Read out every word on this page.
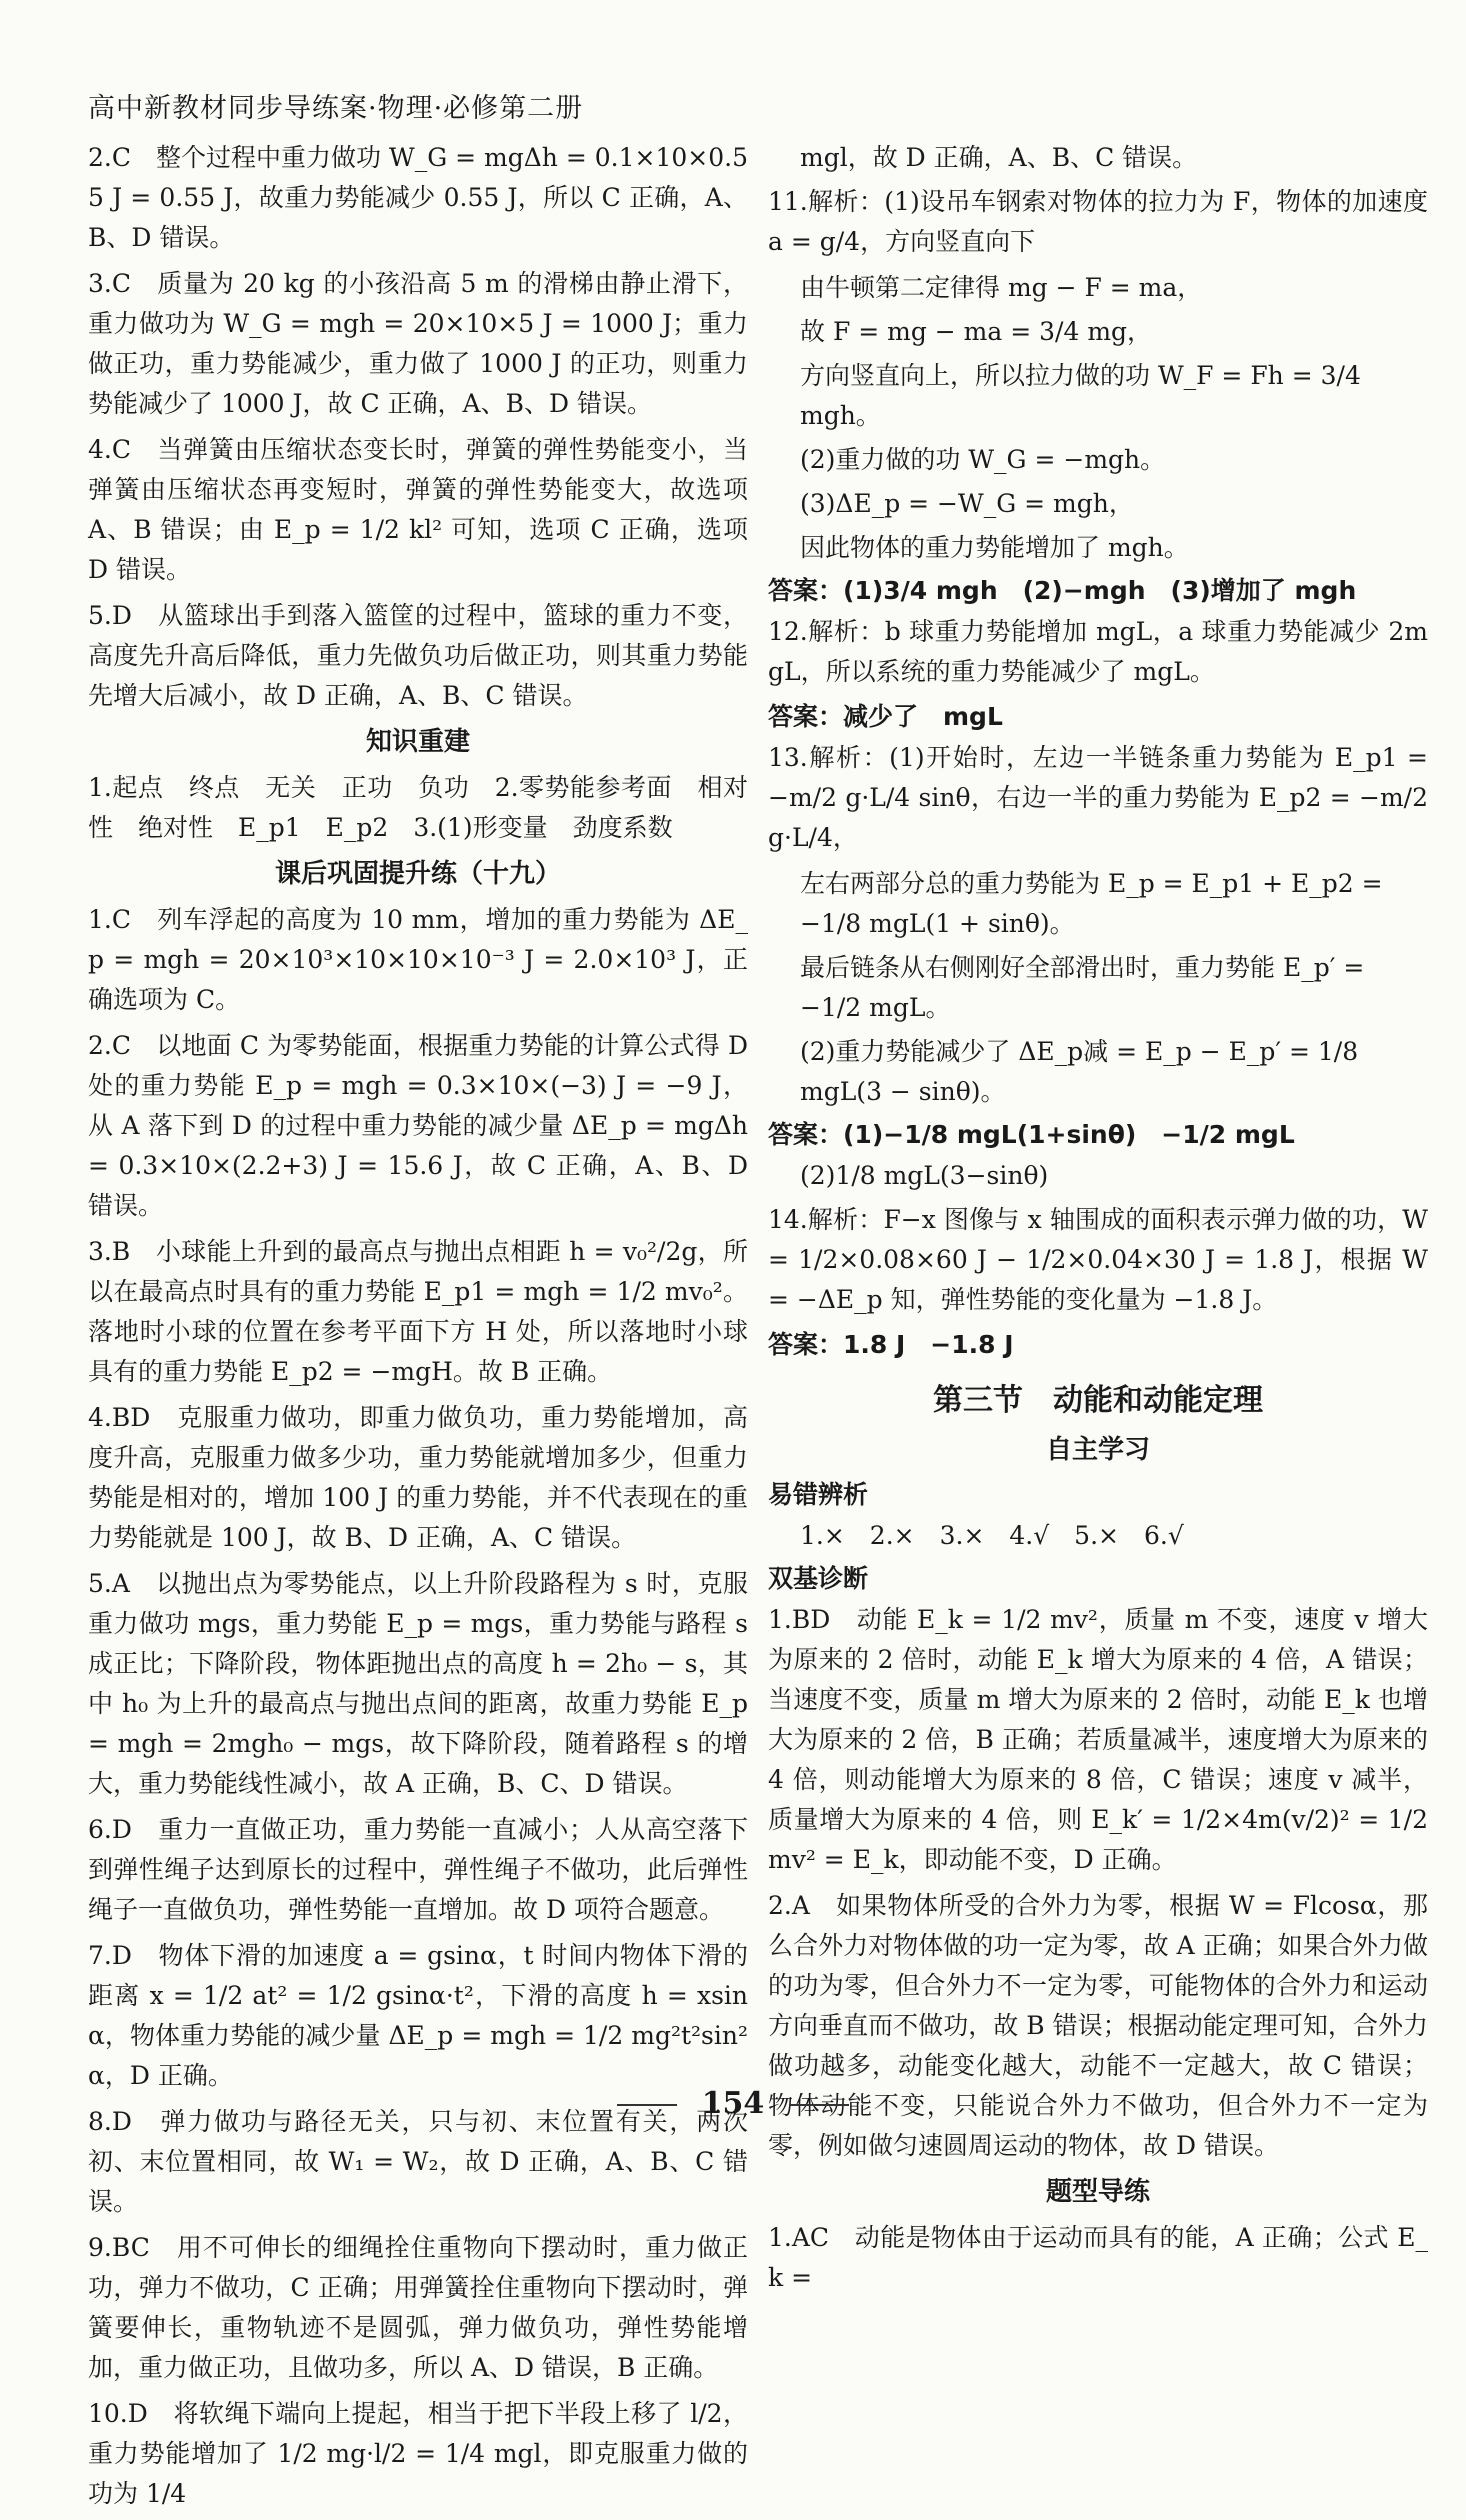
高中新教材同步导练案·物理·必修第二册
2.C　整个过程中重力做功 W_G = mgΔh = 0.1×10×0.55 J = 0.55 J，故重力势能减少 0.55 J，所以 C 正确，A、B、D 错误。
3.C　质量为 20 kg 的小孩沿高 5 m 的滑梯由静止滑下，重力做功为 W_G = mgh = 20×10×5 J = 1000 J；重力做正功，重力势能减少，重力做了 1000 J 的正功，则重力势能减少了 1000 J，故 C 正确，A、B、D 错误。
4.C　当弹簧由压缩状态变长时，弹簧的弹性势能变小，当弹簧由压缩状态再变短时，弹簧的弹性势能变大，故选项 A、B 错误；由 E_p = 1/2 kl² 可知，选项 C 正确，选项 D 错误。
5.D　从篮球出手到落入篮筐的过程中，篮球的重力不变，高度先升高后降低，重力先做负功后做正功，则其重力势能先增大后减小，故 D 正确，A、B、C 错误。
知识重建
1.起点　终点　无关　正功　负功　2.零势能参考面　相对性　绝对性　E_p1　E_p2　3.(1)形变量　劲度系数
课后巩固提升练（十九）
1.C　列车浮起的高度为 10 mm，增加的重力势能为 ΔE_p = mgh = 20×10³×10×10×10⁻³ J = 2.0×10³ J，正确选项为 C。
2.C　以地面 C 为零势能面，根据重力势能的计算公式得 D 处的重力势能 E_p = mgh = 0.3×10×(−3) J = −9 J，从 A 落下到 D 的过程中重力势能的减少量 ΔE_p = mgΔh = 0.3×10×(2.2+3) J = 15.6 J，故 C 正确，A、B、D 错误。
3.B　小球能上升到的最高点与抛出点相距 h = v₀²/2g，所以在最高点时具有的重力势能 E_p1 = mgh = 1/2 mv₀²。落地时小球的位置在参考平面下方 H 处，所以落地时小球具有的重力势能 E_p2 = −mgH。故 B 正确。
4.BD　克服重力做功，即重力做负功，重力势能增加，高度升高，克服重力做多少功，重力势能就增加多少，但重力势能是相对的，增加 100 J 的重力势能，并不代表现在的重力势能就是 100 J，故 B、D 正确，A、C 错误。
5.A　以抛出点为零势能点，以上升阶段路程为 s 时，克服重力做功 mgs，重力势能 E_p = mgs，重力势能与路程 s 成正比；下降阶段，物体距抛出点的高度 h = 2h₀ − s，其中 h₀ 为上升的最高点与抛出点间的距离，故重力势能 E_p = mgh = 2mgh₀ − mgs，故下降阶段，随着路程 s 的增大，重力势能线性减小，故 A 正确，B、C、D 错误。
6.D　重力一直做正功，重力势能一直减小；人从高空落下到弹性绳子达到原长的过程中，弹性绳子不做功，此后弹性绳子一直做负功，弹性势能一直增加。故 D 项符合题意。
7.D　物体下滑的加速度 a = gsinα，t 时间内物体下滑的距离 x = 1/2 at² = 1/2 gsinα·t²，下滑的高度 h = xsinα，物体重力势能的减少量 ΔE_p = mgh = 1/2 mg²t²sin²α，D 正确。
8.D　弹力做功与路径无关，只与初、末位置有关，两次初、末位置相同，故 W₁ = W₂，故 D 正确，A、B、C 错误。
9.BC　用不可伸长的细绳拴住重物向下摆动时，重力做正功，弹力不做功，C 正确；用弹簧拴住重物向下摆动时，弹簧要伸长，重物轨迹不是圆弧，弹力做负功，弹性势能增加，重力做正功，且做功多，所以 A、D 错误，B 正确。
10.D　将软绳下端向上提起，相当于把下半段上移了 l/2，重力势能增加了 1/2 mg·l/2 = 1/4 mgl，即克服重力做的功为 1/4
mgl，故 D 正确，A、B、C 错误。
11.解析：(1)设吊车钢索对物体的拉力为 F，物体的加速度 a = g/4，方向竖直向下
由牛顿第二定律得 mg − F = ma，
故 F = mg − ma = 3/4 mg，
方向竖直向上，所以拉力做的功 W_F = Fh = 3/4 mgh。
(2)重力做的功 W_G = −mgh。
(3)ΔE_p = −W_G = mgh，
因此物体的重力势能增加了 mgh。
答案：(1)3/4 mgh　(2)−mgh　(3)增加了 mgh
12.解析：b 球重力势能增加 mgL，a 球重力势能减少 2mgL，所以系统的重力势能减少了 mgL。
答案：减少了　mgL
13.解析：(1)开始时，左边一半链条重力势能为 E_p1 = −m/2 g·L/4 sinθ，右边一半的重力势能为 E_p2 = −m/2 g·L/4，
左右两部分总的重力势能为 E_p = E_p1 + E_p2 = −1/8 mgL(1 + sinθ)。
最后链条从右侧刚好全部滑出时，重力势能 E_p′ = −1/2 mgL。
(2)重力势能减少了 ΔE_p减 = E_p − E_p′ = 1/8 mgL(3 − sinθ)。
答案：(1)−1/8 mgL(1+sinθ)　−1/2 mgL
(2)1/8 mgL(3−sinθ)
14.解析：F−x 图像与 x 轴围成的面积表示弹力做的功，W = 1/2×0.08×60 J − 1/2×0.04×30 J = 1.8 J，根据 W = −ΔE_p 知，弹性势能的变化量为 −1.8 J。
答案：1.8 J　−1.8 J
第三节　动能和动能定理
自主学习
易错辨析
1.×　2.×　3.×　4.√　5.×　6.√
双基诊断
1.BD　动能 E_k = 1/2 mv²，质量 m 不变，速度 v 增大为原来的 2 倍时，动能 E_k 增大为原来的 4 倍，A 错误；当速度不变，质量 m 增大为原来的 2 倍时，动能 E_k 也增大为原来的 2 倍，B 正确；若质量减半，速度增大为原来的 4 倍，则动能增大为原来的 8 倍，C 错误；速度 v 减半，质量增大为原来的 4 倍，则 E_k′ = 1/2×4m(v/2)² = 1/2 mv² = E_k，即动能不变，D 正确。
2.A　如果物体所受的合外力为零，根据 W = Flcosα，那么合外力对物体做的功一定为零，故 A 正确；如果合外力做的功为零，但合外力不一定为零，可能物体的合外力和运动方向垂直而不做功，故 B 错误；根据动能定理可知，合外力做功越多，动能变化越大，动能不一定越大，故 C 错误；物体动能不变，只能说合外力不做功，但合外力不一定为零，例如做匀速圆周运动的物体，故 D 错误。
题型导练
1.AC　动能是物体由于运动而具有的能，A 正确；公式 E_k =
154
